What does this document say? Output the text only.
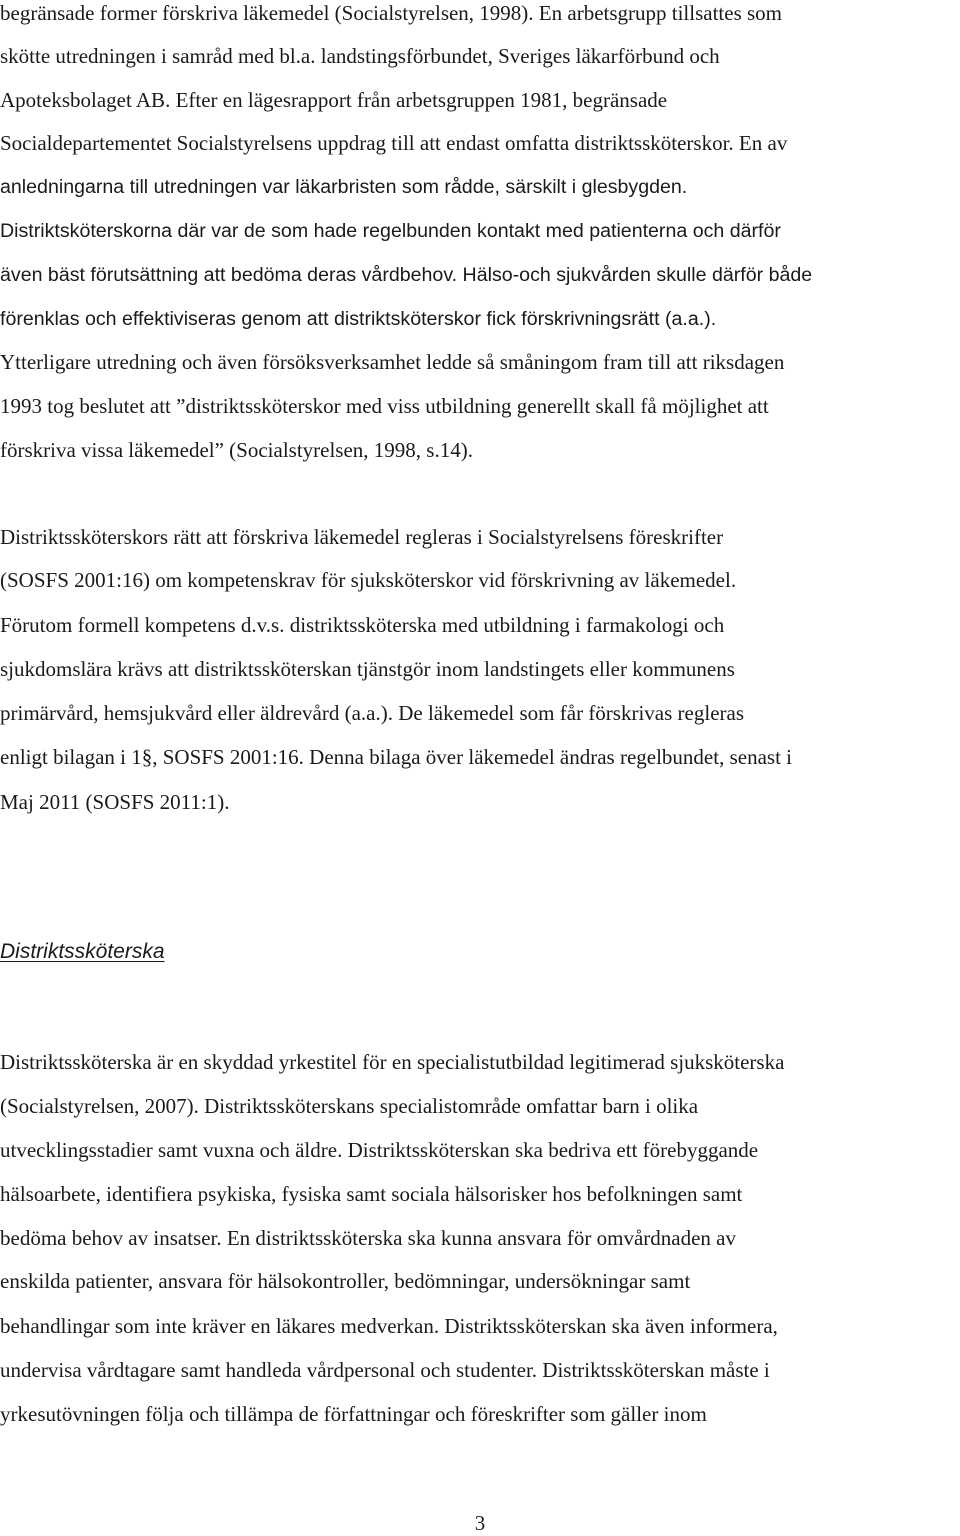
begränsade former förskriva läkemedel (Socialstyrelsen, 1998). En arbetsgrupp tillsattes som
skötte utredningen i samråd med bl.a. landstingsförbundet, Sveriges läkarförbund och
Apoteksbolaget AB. Efter en lägesrapport från arbetsgruppen 1981, begränsade
Socialdepartementet Socialstyrelsens uppdrag till att endast omfatta distriktssköterskor. En av
anledningarna till utredningen var läkarbristen som rådde, särskilt i glesbygden.
Distriktsköterskorna där var de som hade regelbunden kontakt med patienterna och därför
även bäst förutsättning att bedöma deras vårdbehov. Hälso-och sjukvården skulle därför både
förenklas och effektiviseras genom att distriktsköterskor fick förskrivningsrätt (a.a.).
Ytterligare utredning och även försöksverksamhet ledde så småningom fram till att riksdagen
1993 tog beslutet att ”distriktssköterskor med viss utbildning generellt skall få möjlighet att
förskriva vissa läkemedel” (Socialstyrelsen, 1998, s.14).
Distriktssköterskors rätt att förskriva läkemedel regleras i Socialstyrelsens föreskrifter
(SOSFS 2001:16) om kompetenskrav för sjuksköterskor vid förskrivning av läkemedel.
Förutom formell kompetens d.v.s. distriktssköterska med utbildning i farmakologi och
sjukdomslära krävs att distriktssköterskan tjänstgör inom landstingets eller kommunens
primärvård, hemsjukvård eller äldrevård (a.a.). De läkemedel som får förskrivas regleras
enligt bilagan i 1§, SOSFS 2001:16. Denna bilaga över läkemedel ändras regelbundet, senast i
Maj 2011 (SOSFS 2011:1).
Distriktssköterska
Distriktssköterska är en skyddad yrkestitel för en specialistutbildad legitimerad sjuksköterska
(Socialstyrelsen, 2007). Distriktssköterskans specialistområde omfattar barn i olika
utvecklingsstadier samt vuxna och äldre. Distriktssköterskan ska bedriva ett förebyggande
hälsoarbete, identifiera psykiska, fysiska samt sociala hälsorisker hos befolkningen samt
bedöma behov av insatser. En distriktssköterska ska kunna ansvara för omvårdnaden av
enskilda patienter, ansvara för hälsokontroller, bedömningar, undersökningar samt
behandlingar som inte kräver en läkares medverkan. Distriktssköterskan ska även informera,
undervisa vårdtagare samt handleda vårdpersonal och studenter. Distriktssköterskan måste i
yrkesutövningen följa och tillämpa de författningar och föreskrifter som gäller inom
3
